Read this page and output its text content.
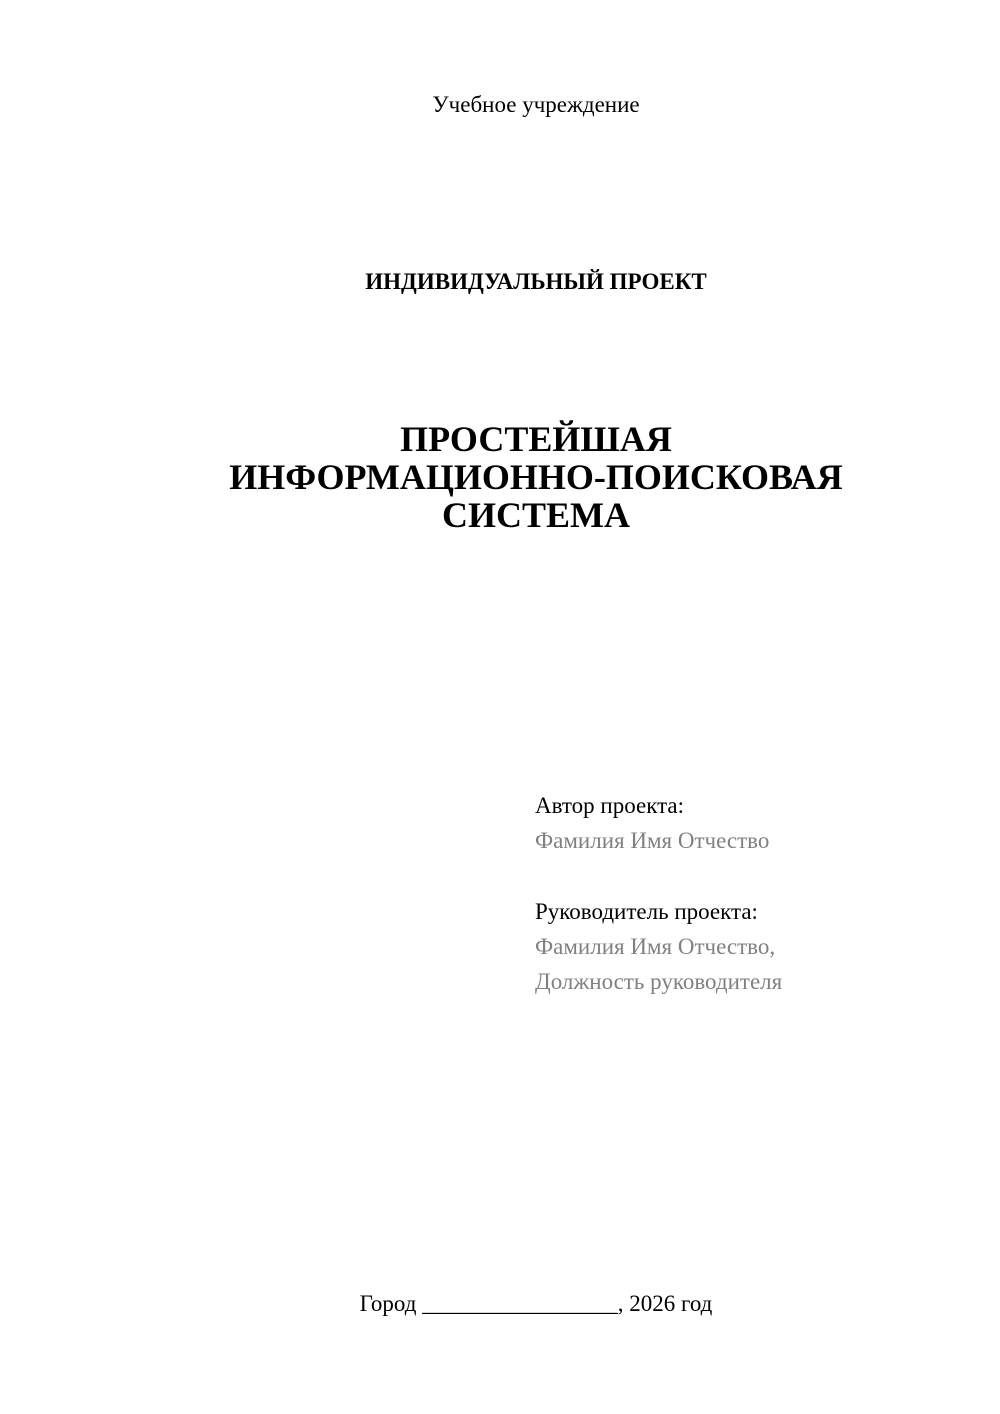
Учебное учреждение
ИНДИВИДУАЛЬНЫЙ ПРОЕКТ
ПРОСТЕЙШАЯ
ИНФОРМАЦИОННО-ПОИСКОВАЯ
СИСТЕМА
Автор проекта:
Фамилия Имя Отчество
Руководитель проекта:
Фамилия Имя Отчество,
Должность руководителя
Город _________________, 2026 год
